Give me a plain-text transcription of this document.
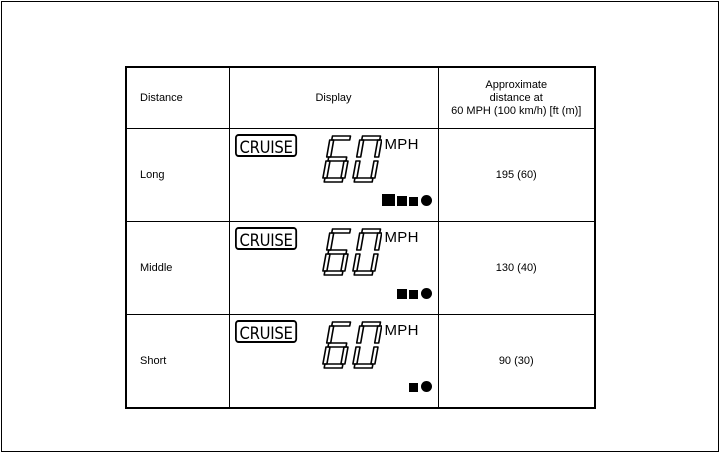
Distance	Display	Approximate
distance at
60 MPH (100 km/h) [ft (m)]

Long	CRUISE MPH	195 (60)
Middle	CRUISE MPH	130 (40)
Short	CRUISE MPH	90 (30)
